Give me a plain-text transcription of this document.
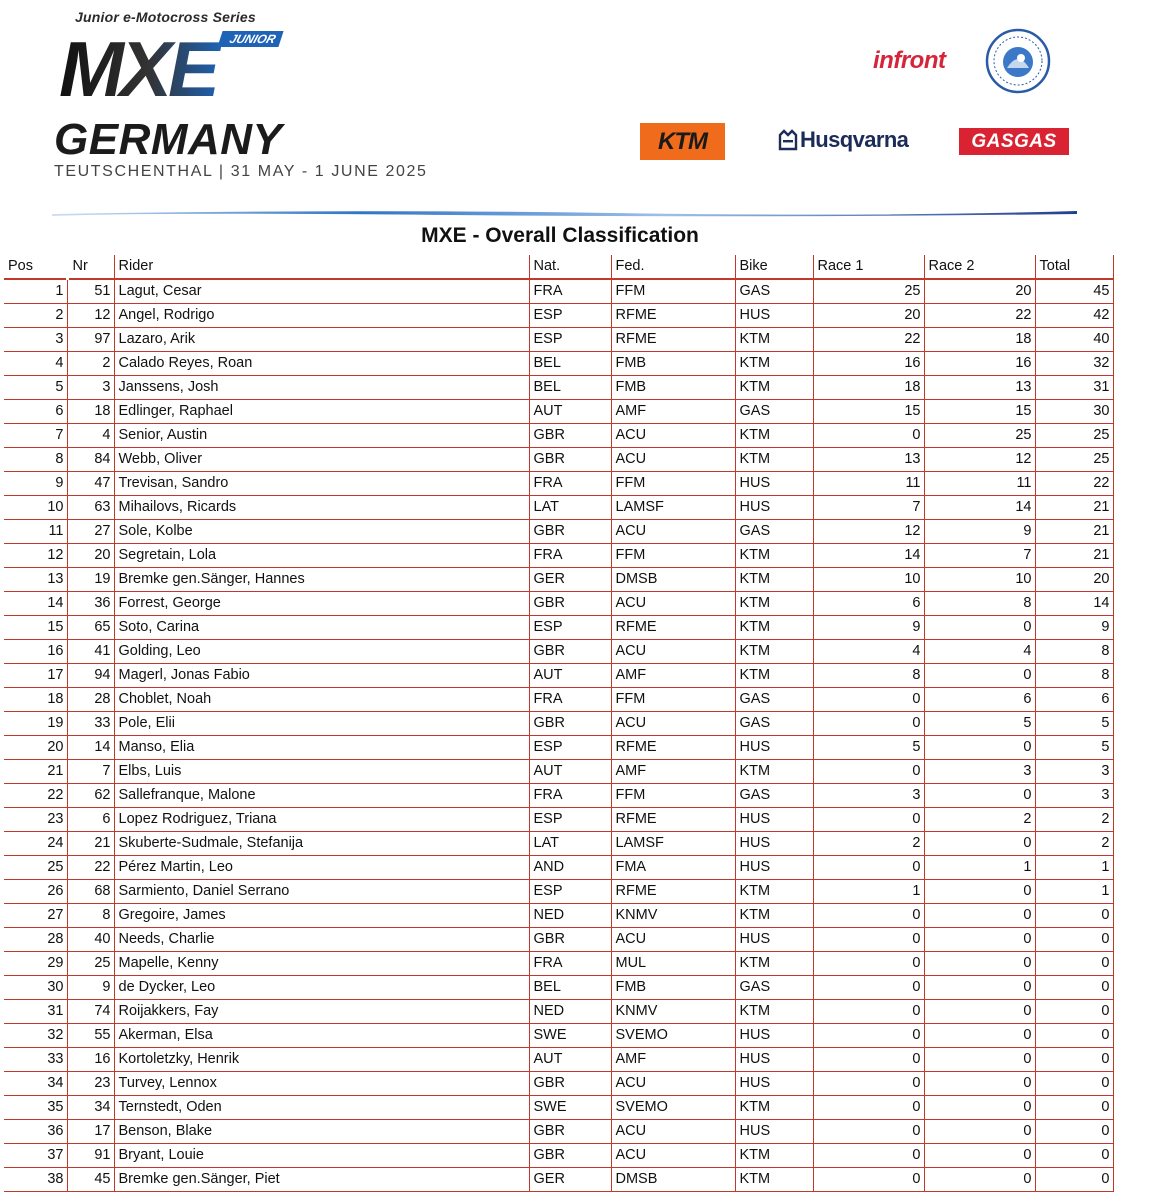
Junior e-Motocross Series
MXE JUNIOR
GERMANY
TEUTSCHENTHAL | 31 MAY - 1 JUNE 2025
infront
KTM	Husqvarna	GASGAS
MXE - Overall Classification
Pos	Nr	Rider	Nat.	Fed.	Bike	Race 1	Race 2	Total
1	51	Lagut, Cesar	FRA	FFM	GAS	25	20	45
2	12	Angel, Rodrigo	ESP	RFME	HUS	20	22	42
3	97	Lazaro, Arik	ESP	RFME	KTM	22	18	40
4	2	Calado Reyes, Roan	BEL	FMB	KTM	16	16	32
5	3	Janssens, Josh	BEL	FMB	KTM	18	13	31
6	18	Edlinger, Raphael	AUT	AMF	GAS	15	15	30
7	4	Senior, Austin	GBR	ACU	KTM	0	25	25
8	84	Webb, Oliver	GBR	ACU	KTM	13	12	25
9	47	Trevisan, Sandro	FRA	FFM	HUS	11	11	22
10	63	Mihailovs, Ricards	LAT	LAMSF	HUS	7	14	21
11	27	Sole, Kolbe	GBR	ACU	GAS	12	9	21
12	20	Segretain, Lola	FRA	FFM	KTM	14	7	21
13	19	Bremke gen.Sänger, Hannes	GER	DMSB	KTM	10	10	20
14	36	Forrest, George	GBR	ACU	KTM	6	8	14
15	65	Soto, Carina	ESP	RFME	KTM	9	0	9
16	41	Golding, Leo	GBR	ACU	KTM	4	4	8
17	94	Magerl, Jonas Fabio	AUT	AMF	KTM	8	0	8
18	28	Choblet, Noah	FRA	FFM	GAS	0	6	6
19	33	Pole, Elii	GBR	ACU	GAS	0	5	5
20	14	Manso, Elia	ESP	RFME	HUS	5	0	5
21	7	Elbs, Luis	AUT	AMF	KTM	0	3	3
22	62	Sallefranque, Malone	FRA	FFM	GAS	3	0	3
23	6	Lopez Rodriguez, Triana	ESP	RFME	HUS	0	2	2
24	21	Skuberte-Sudmale, Stefanija	LAT	LAMSF	HUS	2	0	2
25	22	Pérez Martin, Leo	AND	FMA	HUS	0	1	1
26	68	Sarmiento, Daniel Serrano	ESP	RFME	KTM	1	0	1
27	8	Gregoire, James	NED	KNMV	KTM	0	0	0
28	40	Needs, Charlie	GBR	ACU	HUS	0	0	0
29	25	Mapelle, Kenny	FRA	MUL	KTM	0	0	0
30	9	de Dycker, Leo	BEL	FMB	GAS	0	0	0
31	74	Roijakkers, Fay	NED	KNMV	KTM	0	0	0
32	55	Akerman, Elsa	SWE	SVEMO	HUS	0	0	0
33	16	Kortoletzky, Henrik	AUT	AMF	HUS	0	0	0
34	23	Turvey, Lennox	GBR	ACU	HUS	0	0	0
35	34	Ternstedt, Oden	SWE	SVEMO	KTM	0	0	0
36	17	Benson, Blake	GBR	ACU	HUS	0	0	0
37	91	Bryant, Louie	GBR	ACU	KTM	0	0	0
38	45	Bremke gen.Sänger, Piet	GER	DMSB	KTM	0	0	0
